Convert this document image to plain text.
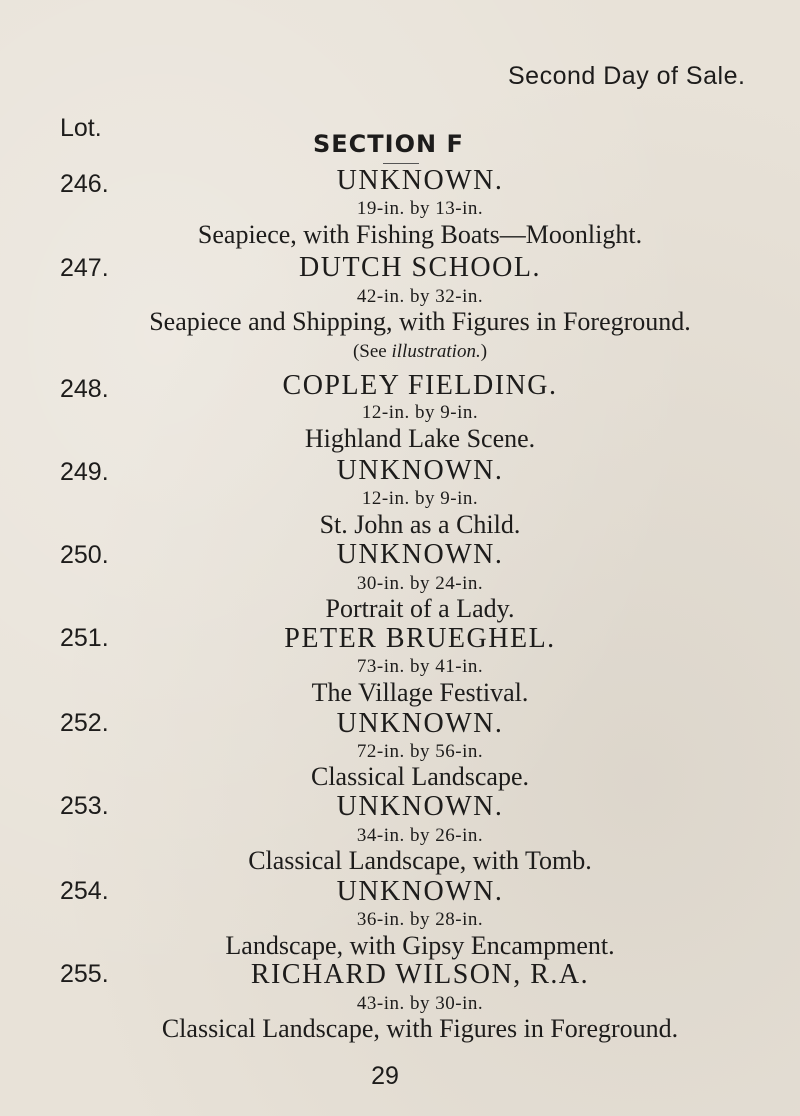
Second Day of Sale.
Lot.
SECTION F
246.	UNKNOWN.
19-in. by 13-in.
Seapiece, with Fishing Boats—Moonlight.
247.	DUTCH SCHOOL.
42-in. by 32-in.
Seapiece and Shipping, with Figures in Foreground.
(See illustration.)
248.	COPLEY FIELDING.
12-in. by 9-in.
Highland Lake Scene.
249.	UNKNOWN.
12-in. by 9-in.
St. John as a Child.
250.	UNKNOWN.
30-in. by 24-in.
Portrait of a Lady.
251.	PETER BRUEGHEL.
73-in. by 41-in.
The Village Festival.
252.	UNKNOWN.
72-in. by 56-in.
Classical Landscape.
253.	UNKNOWN.
34-in. by 26-in.
Classical Landscape, with Tomb.
254.	UNKNOWN.
36-in. by 28-in.
Landscape, with Gipsy Encampment.
255.	RICHARD WILSON, R.A.
43-in. by 30-in.
Classical Landscape, with Figures in Foreground.
29
